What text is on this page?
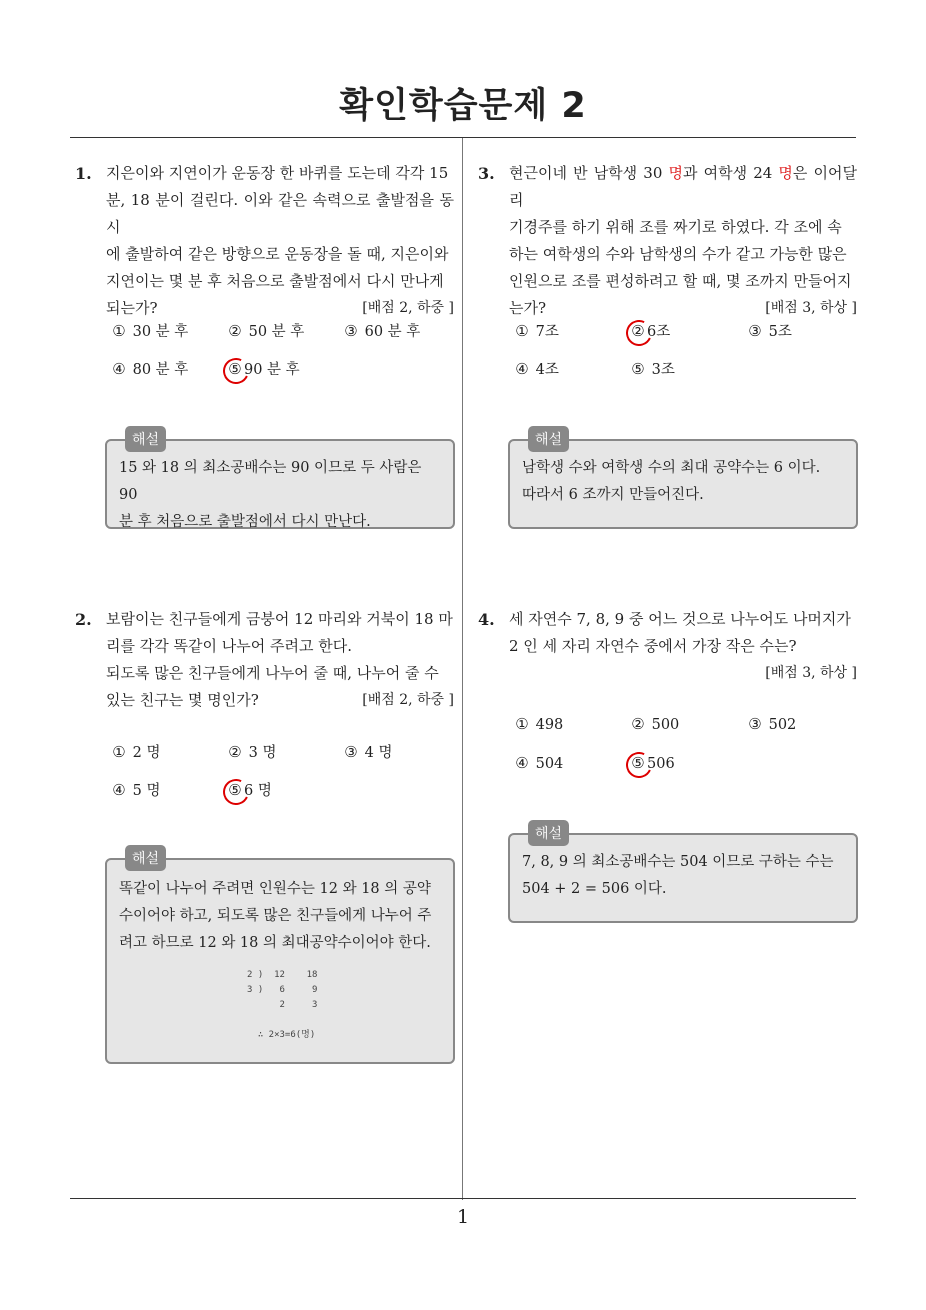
확인학습문제 2
1. 지은이와 지연이가 운동장 한 바퀴를 도는데 각각 15
분, 18 분이 걸린다. 이와 같은 속력으로 출발점을 동시
에 출발하여 같은 방향으로 운동장을 돌 때, 지은이와
지연이는 몇 분 후 처음으로 출발점에서 다시 만나게
되는가?	[배점 2, 하중 ]
① 30 분 후	② 50 분 후	③ 60 분 후
④ 80 분 후	⑤ 90 분 후
해설
15 와 18 의 최소공배수는 90 이므로 두 사람은 90
분 후 처음으로 출발점에서 다시 만난다.
2. 보람이는 친구들에게 금붕어 12 마리와 거북이 18 마
리를 각각 똑같이 나누어 주려고 한다.
되도록 많은 친구들에게 나누어 줄 때, 나누어 줄 수
있는 친구는 몇 명인가?	[배점 2, 하중 ]
① 2 명	② 3 명	③ 4 명
④ 5 명	⑤ 6 명
해설
똑같이 나누어 주려면 인원수는 12 와 18 의 공약
수이어야 하고, 되도록 많은 친구들에게 나누어 주
려고 하므로 12 와 18 의 최대공약수이어야 한다.
2 )  12    18
3 )   6     9
2     3

∴ 2×3=6(명)
3. 현근이네 반 남학생 30 명과 여학생 24 명은 이어달리
기경주를 하기 위해 조를 짜기로 하였다. 각 조에 속
하는 여학생의 수와 남학생의 수가 같고 가능한 많은
인원으로 조를 편성하려고 할 때, 몇 조까지 만들어지
는가?	[배점 3, 하상 ]
① 7조	② 6조	③ 5조
④ 4조	⑤ 3조
해설
남학생 수와 여학생 수의 최대 공약수는 6 이다.
따라서 6 조까지 만들어진다.
4. 세 자연수 7, 8, 9 중 어느 것으로 나누어도 나머지가
2 인 세 자리 자연수 중에서 가장 작은 수는?
[배점 3, 하상 ]

① 498	② 500	③ 502
④ 504	⑤ 506
해설
7, 8, 9 의 최소공배수는 504 이므로 구하는 수는
504 + 2 = 506 이다.
1
